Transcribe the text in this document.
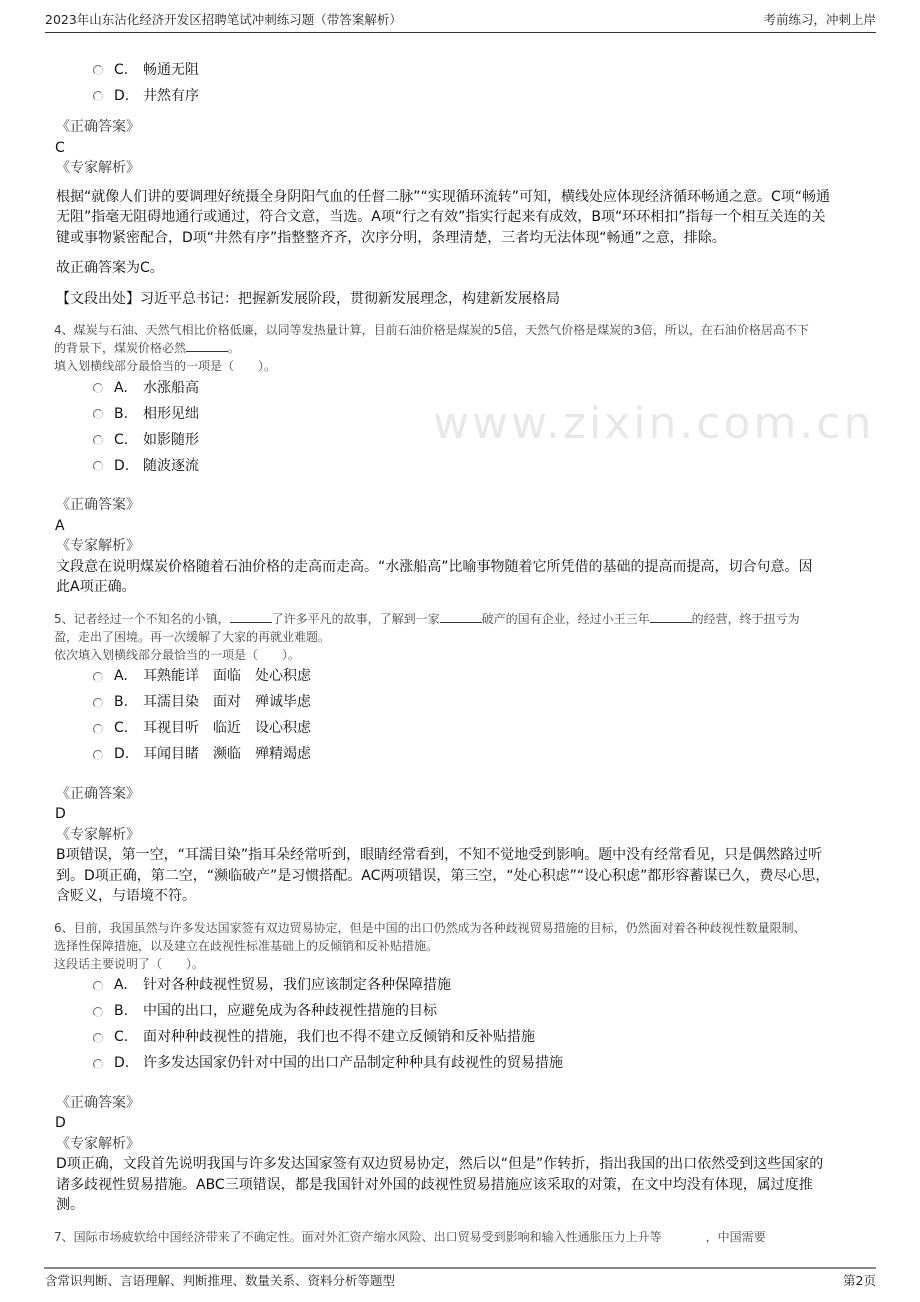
2023年山东沾化经济开发区招聘笔试冲刺练习题（带答案解析）	考前练习，冲刺上岸
C.	畅通无阻
D. 井然有序
《正确答案》
C
《专家解析》
根据“就像人们讲的要调理好统摄全身阴阳气血的任督二脉”“实现循环流转”可知，横线处应体现经济循环畅通之意。C项“畅通
无阻”指毫无阻碍地通行或通过，符合文意，当选。A项“行之有效”指实行起来有成效，B项“环环相扣”指每一个相互关连的关
键或事物紧密配合，D项“井然有序”指整整齐齐，次序分明，条理清楚，三者均无法体现“畅通”之意，排除。
故正确答案为C。
【文段出处】习近平总书记：把握新发展阶段，贯彻新发展理念，构建新发展格局
4、煤炭与石油、天然气相比价格低廉，以同等发热量计算，目前石油价格是煤炭的5倍，天然气价格是煤炭的3倍，所以，在石油价格居高不下
的背景下，煤炭价格必然	。
填入划横线部分最恰当的一项是（　　）。
www.zixin.com.cn
A.	水涨船高
B.	相形见绌
C.	如影随形
D. 随波逐流
《正确答案》
A
《专家解析》
文段意在说明煤炭价格随着石油价格的走高而走高。“水涨船高”比喻事物随着它所凭借的基础的提高而提高，切合句意。因
此A项正确。
5、记者经过一个不知名的小镇，	了许多平凡的故事，了解到一家	破产的国有企业，经过小王三年	的经营，终于扭亏为
盈，走出了困境。再一次缓解了大家的再就业难题。
依次填入划横线部分最恰当的一项是（　　）。
A.	耳熟能详　面临　处心积虑
B.	耳濡目染　面对　殚诚毕虑
C.	耳视目听　临近　设心积虑
D. 耳闻目睹　濒临　殚精竭虑
《正确答案》
D
《专家解析》
B项错误，第一空，“耳濡目染”指耳朵经常听到，眼睛经常看到，不知不觉地受到影响。题中没有经常看见，只是偶然路过听
到。D项正确，第二空，“濒临破产”是习惯搭配。AC两项错误，第三空，“处心积虑”“设心积虑”都形容蓄谋已久，费尽心思，
含贬义，与语境不符。
6、目前，我国虽然与许多发达国家签有双边贸易协定，但是中国的出口仍然成为各种歧视贸易措施的目标，仍然面对着各种歧视性数量限制、
选择性保障措施，以及建立在歧视性标准基础上的反倾销和反补贴措施。
这段话主要说明了（　　）。
A.	针对各种歧视性贸易，我们应该制定各种保障措施
B.	中国的出口，应避免成为各种歧视性措施的目标
C.	面对种种歧视性的措施，我们也不得不建立反倾销和反补贴措施
D. 许多发达国家仍针对中国的出口产品制定种种具有歧视性的贸易措施
《正确答案》
D
《专家解析》
D项正确，文段首先说明我国与许多发达国家签有双边贸易协定，然后以“但是”作转折，指出我国的出口依然受到这些国家的
诸多歧视性贸易措施。ABC三项错误，都是我国针对外国的歧视性贸易措施应该采取的对策，在文中均没有体现，属过度推
测。
7、国际市场疲软给中国经济带来了不确定性。面对外汇资产缩水风险、出口贸易受到影响和输入性通胀压力上升等	，中国需要
含常识判断、言语理解、判断推理、数量关系、资料分析等题型	第2页
